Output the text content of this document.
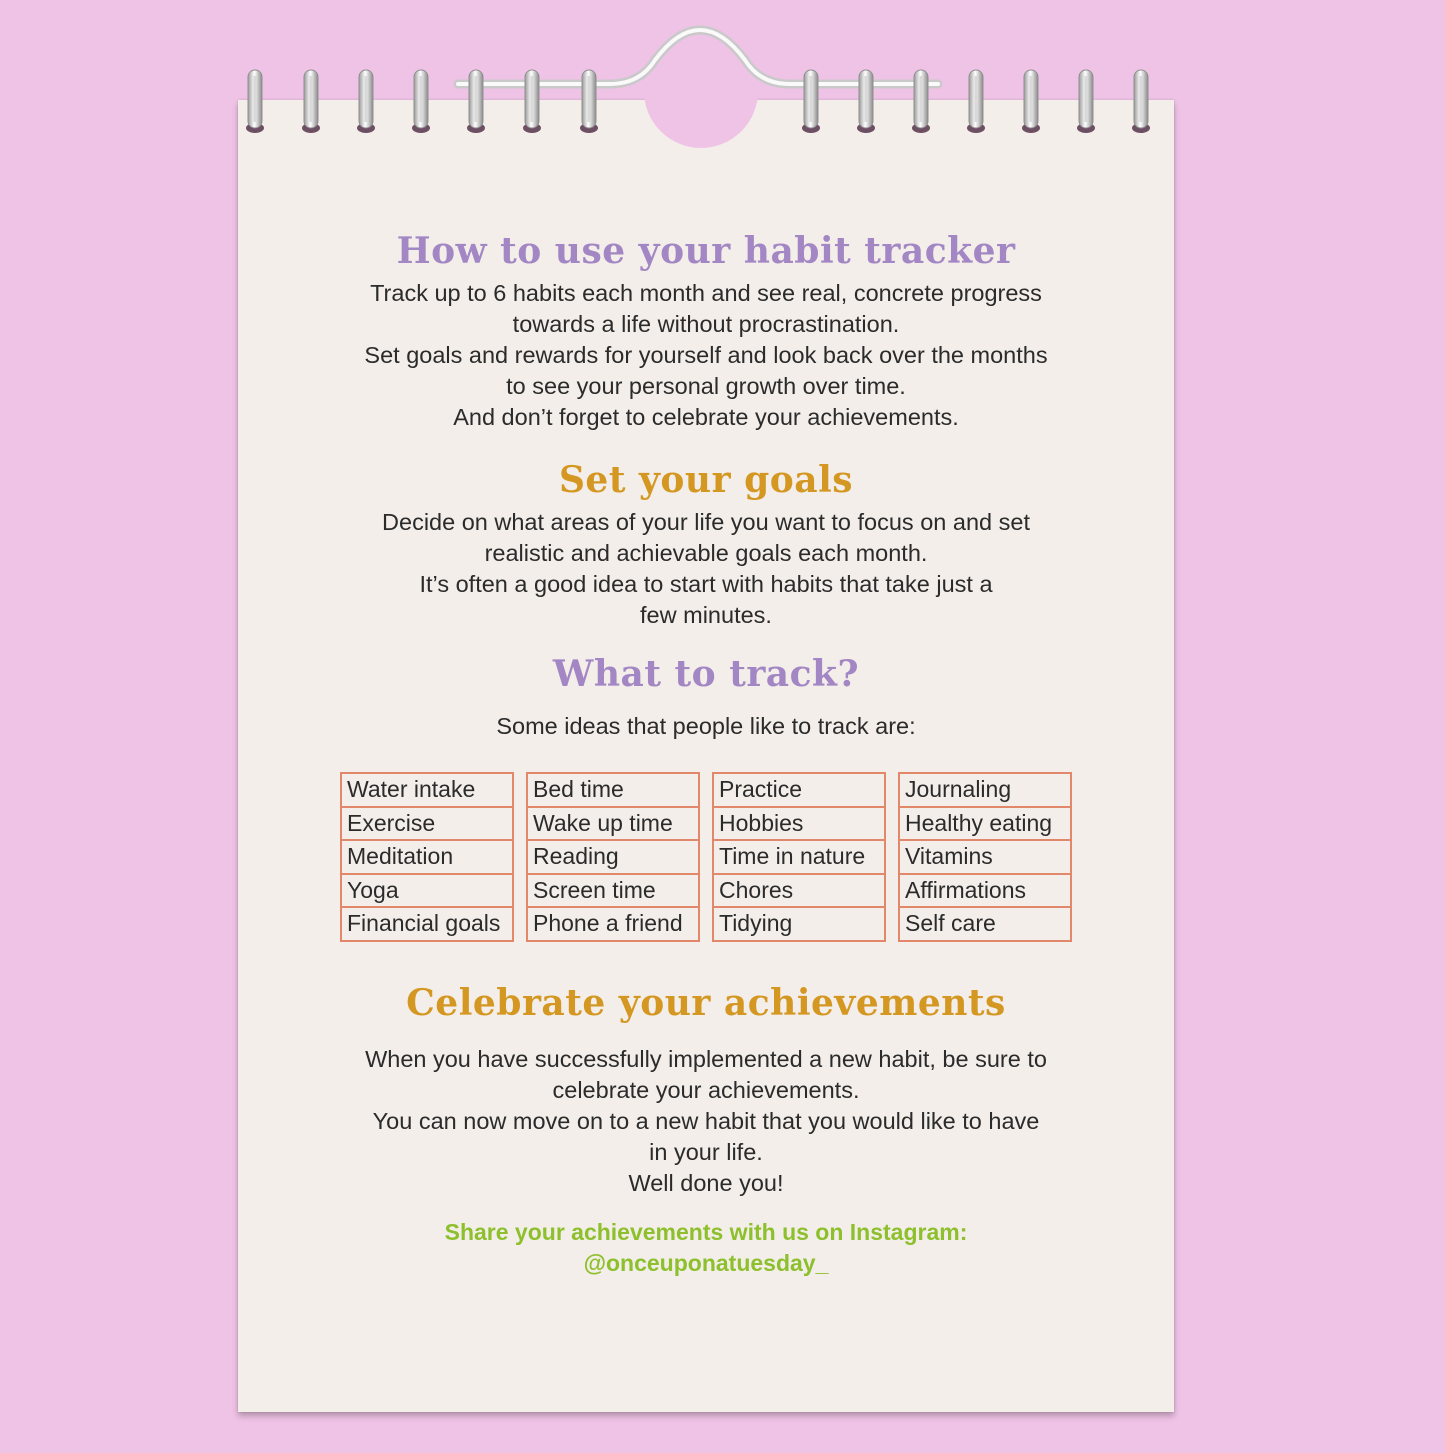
How to use your habit tracker

Track up to 6 habits each month and see real, concrete progress

towards a life without procrastination.

Set goals and rewards for yourself and look back over the months

to see your personal growth over time.

And don’t forget to celebrate your achievements.

Set your goals

Decide on what areas of your life you want to focus on and set

realistic and achievable goals each month.

It’s often a good idea to start with habits that take just a

few minutes.

What to track?

Some ideas that people like to track are:

Water intake
Exercise
Meditation
Yoga
Financial goals
Bed time
Wake up time
Reading
Screen time
Phone a friend
Practice
Hobbies
Time in nature
Chores
Tidying
Journaling
Healthy eating
Vitamins
Affirmations
Self care
Celebrate your achievements

When you have successfully implemented a new habit, be sure to

celebrate your achievements.

You can now move on to a new habit that you would like to have

in your life.

Well done you!

Share your achievements with us on Instagram:
@onceuponatuesday_
